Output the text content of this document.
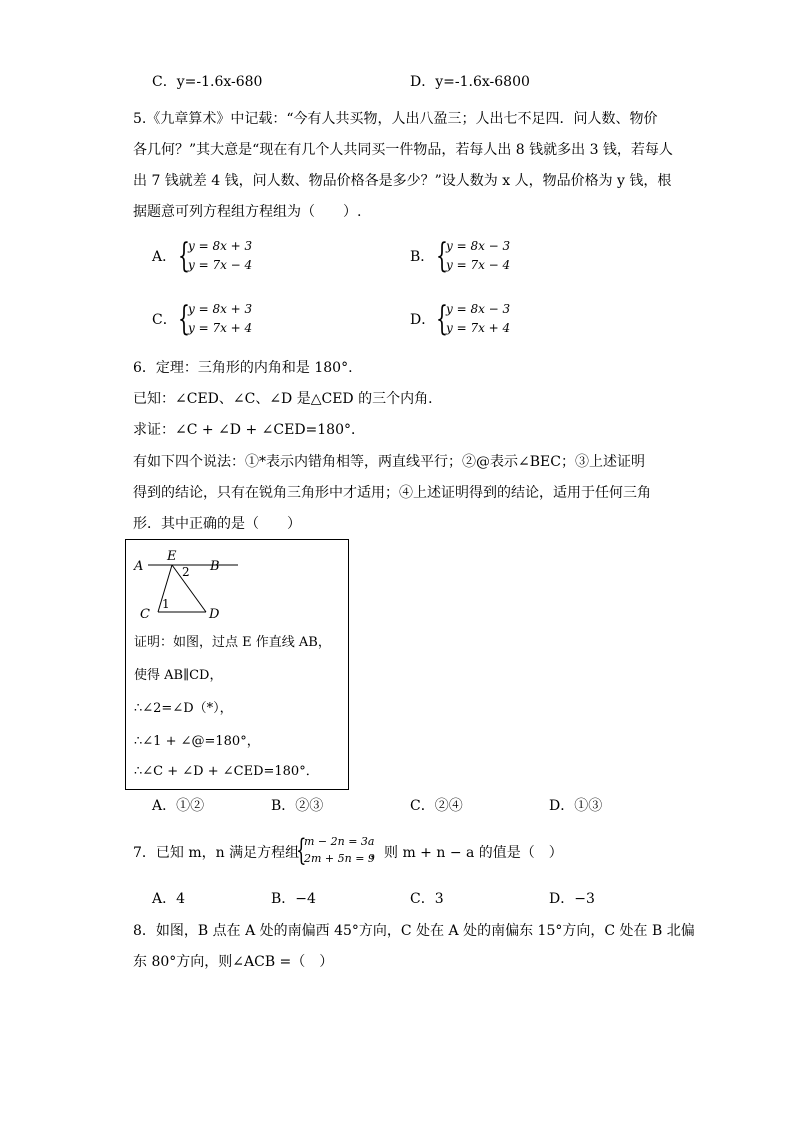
C．y=-1.6x-680	D．y=-1.6x-6800
5.《九章算术》中记载：“今有人共买物，人出八盈三；人出七不足四．问人数、物价
各几何？”其大意是“现在有几个人共同买一件物品，若每人出 8 钱就多出 3 钱，若每人
出 7 钱就差 4 钱，问人数、物品价格各是多少？”设人数为 x 人，物品价格为 y 钱，根
据题意可列方程组方程组为（　　）.
A． {
y = 8x + 3
y = 7x − 4	B． {
y = 8x − 3
y = 7x − 4
C． {
y = 8x + 3
y = 7x + 4	D． {
y = 8x − 3
y = 7x + 4
6．定理：三角形的内角和是 180°.
已知：∠CED、∠C、∠D 是△CED 的三个内角．
求证：∠C + ∠D + ∠CED=180°．
有如下四个说法：①*表示内错角相等，两直线平行；②@表示∠BEC；③上述证明
得到的结论，只有在锐角三角形中才适用；④上述证明得到的结论，适用于任何三角
形．其中正确的是（　　）
A
E
B
C	D
1
2
证明：如图，过点 E 作直线 AB，
使得 AB∥CD，
∴∠2=∠D（*），
∴∠1 + ∠@=180°，
∴∠C + ∠D + ∠CED=180°．
A．①②	B．②③	C．②④	D．①③
7．已知 m，n 满足方程组
{
m − 2n = 3a
2m + 5n = 9
，则 m + n − a 的值是（　）
A．4	B．−4	C．3	D．−3
8．如图，B 点在 A 处的南偏西 45°方向，C 处在 A 处的南偏东 15°方向，C 处在 B 北偏
东 80°方向，则∠ACB =（　）
